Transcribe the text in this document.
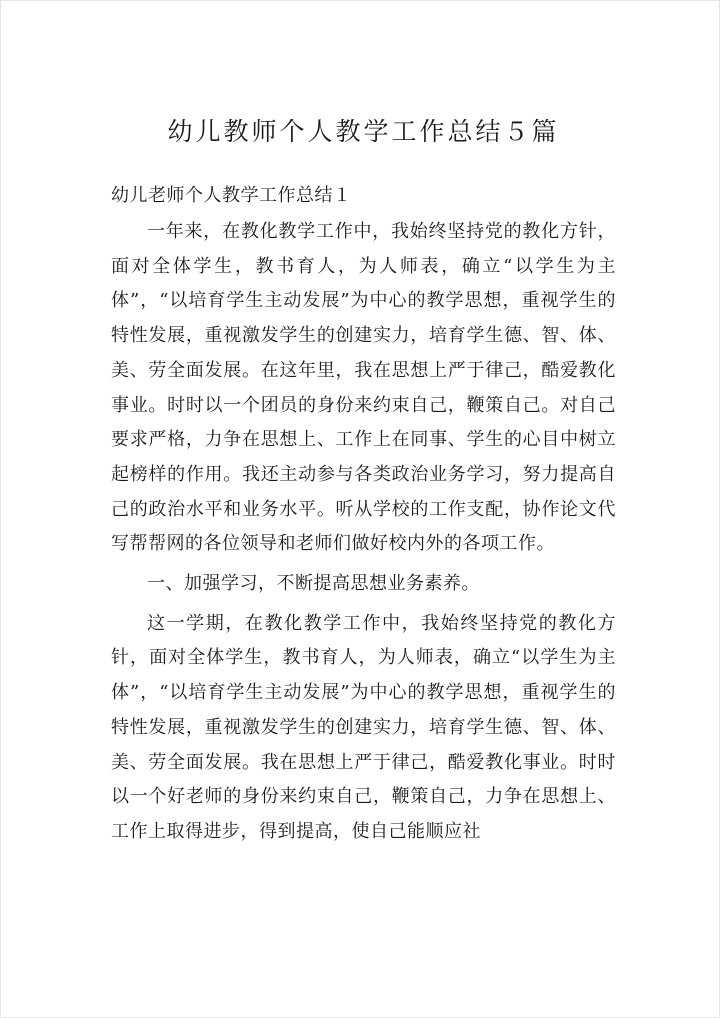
幼儿教师个人教学工作总结５篇
幼儿老师个人教学工作总结１

一年来，在教化教学工作中，我始终坚持党的教化方针，面对全体学生，教书育人，为人师表，确立“以学生为主体”，“以培育学生主动发展”为中心的教学思想，重视学生的特性发展，重视激发学生的创建实力，培育学生德、智、体、美、劳全面发展。在这年里，我在思想上严于律己，酷爱教化事业。时时以一个团员的身份来约束自己，鞭策自己。对自己要求严格，力争在思想上、工作上在同事、学生的心目中树立起榜样的作用。我还主动参与各类政治业务学习，努力提高自己的政治水平和业务水平。听从学校的工作支配，协作论文代写帮帮网的各位领导和老师们做好校内外的各项工作。

一、加强学习，不断提高思想业务素养。

这一学期，在教化教学工作中，我始终坚持党的教化方针，面对全体学生，教书育人，为人师表，确立“以学生为主体”，“以培育学生主动发展”为中心的教学思想，重视学生的特性发展，重视激发学生的创建实力，培育学生德、智、体、美、劳全面发展。我在思想上严于律己，酷爱教化事业。时时以一个好老师的身份来约束自己，鞭策自己，力争在思想上、工作上取得进步，得到提高，使自己能顺应社
